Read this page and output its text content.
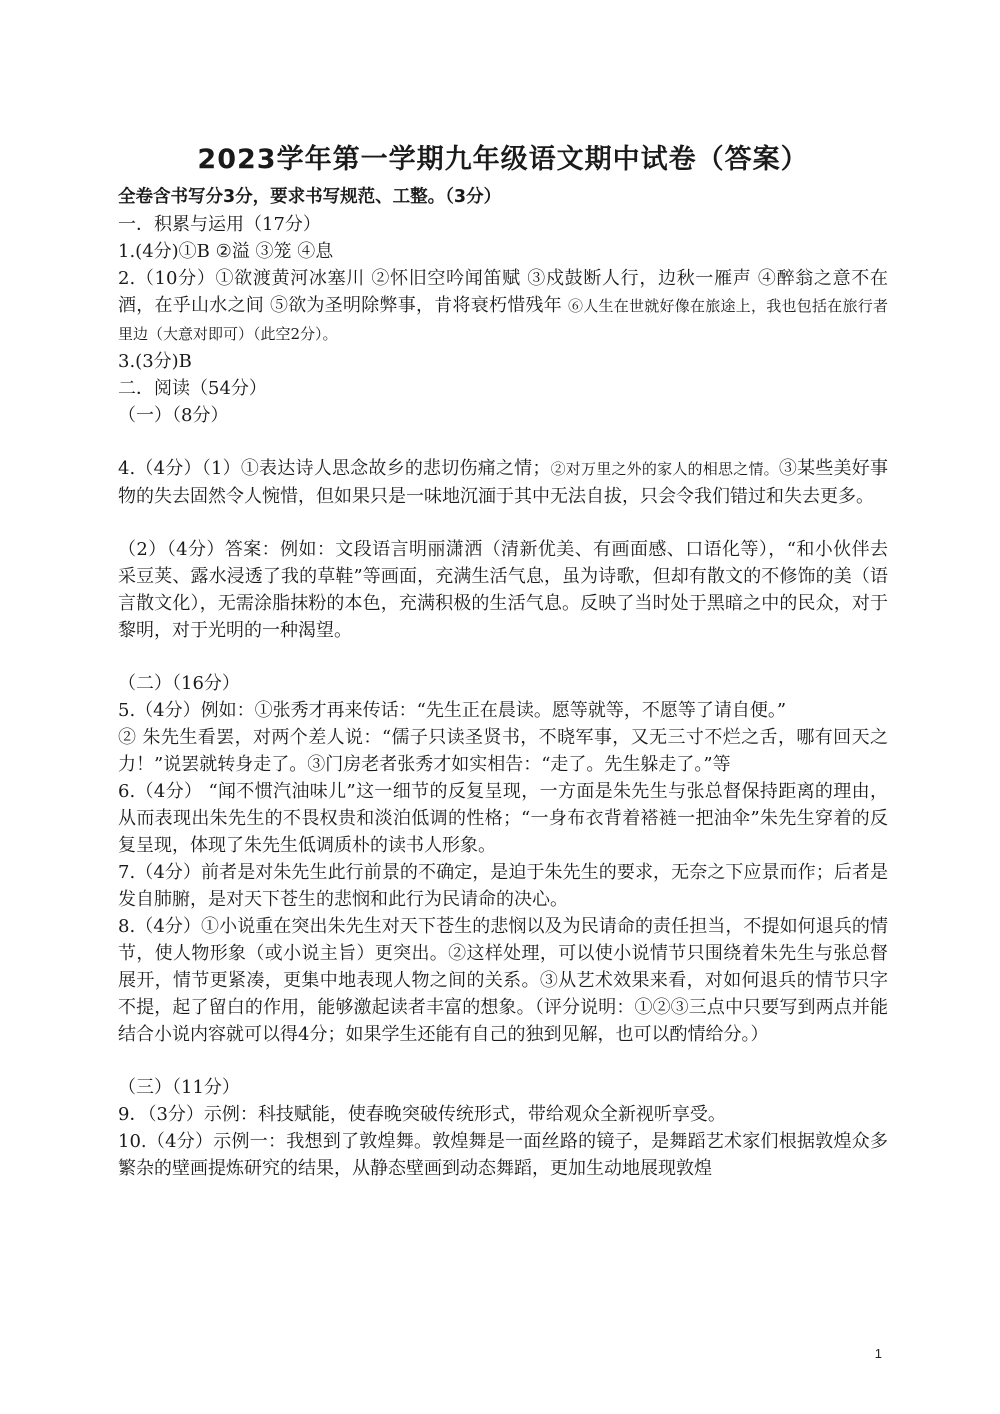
2023学年第一学期九年级语文期中试卷（答案）

全卷含书写分3分，要求书写规范、工整。（3分）

一．积累与运用（17分）

1.(4分)①B ②溢 ③笼 ④息

2.（10分）①欲渡黄河冰塞川 ②怀旧空吟闻笛赋 ③戍鼓断人行，边秋一雁声 ④醉翁之意不在酒，在乎山水之间 ⑤欲为圣明除弊事，肯将衰朽惜残年 ⑥人生在世就好像在旅途上，我也包括在旅行者里边（大意对即可）（此空2分）。

3.(3分)B

二．阅读（54分）

（一）（8分）

4.（4分）（1）①表达诗人思念故乡的悲切伤痛之情；②对万里之外的家人的相思之情。③某些美好事物的失去固然令人惋惜，但如果只是一味地沉湎于其中无法自拔，只会令我们错过和失去更多。

（2）（4分）答案：例如：文段语言明丽潇洒（清新优美、有画面感、口语化等），“和小伙伴去采豆荚、露水浸透了我的草鞋”等画面，充满生活气息，虽为诗歌，但却有散文的不修饰的美（语言散文化），无需涂脂抹粉的本色，充满积极的生活气息。反映了当时处于黑暗之中的民众，对于黎明，对于光明的一种渴望。

（二）（16分）

5.（4分）例如：①张秀才再来传话：“先生正在晨读。愿等就等，不愿等了请自便。”

② 朱先生看罢，对两个差人说：“儒子只读圣贤书，不晓军事，又无三寸不烂之舌，哪有回天之力！”说罢就转身走了。③门房老者张秀才如实相告：“走了。先生躲走了。”等

6.（4分） “闻不惯汽油味儿”这一细节的反复呈现，一方面是朱先生与张总督保持距离的理由，从而表现出朱先生的不畏权贵和淡泊低调的性格；“一身布衣背着褡裢一把油伞”朱先生穿着的反复呈现，体现了朱先生低调质朴的读书人形象。

7.（4分）前者是对朱先生此行前景的不确定，是迫于朱先生的要求，无奈之下应景而作；后者是发自肺腑，是对天下苍生的悲悯和此行为民请命的决心。

8.（4分）①小说重在突出朱先生对天下苍生的悲悯以及为民请命的责任担当，不提如何退兵的情节，使人物形象（或小说主旨）更突出。②这样处理，可以使小说情节只围绕着朱先生与张总督展开，情节更紧凑，更集中地表现人物之间的关系。③从艺术效果来看，对如何退兵的情节只字不提，起了留白的作用，能够激起读者丰富的想象。（评分说明：①②③三点中只要写到两点并能结合小说内容就可以得4分；如果学生还能有自己的独到见解，也可以酌情给分。）

（三）（11分）

9．（3分）示例：科技赋能，使春晚突破传统形式，带给观众全新视听享受。

10.（4分）示例一：我想到了敦煌舞。敦煌舞是一面丝路的镜子，是舞蹈艺术家们根据敦煌众多繁杂的壁画提炼研究的结果，从静态壁画到动态舞蹈，更加生动地展现敦煌

1
